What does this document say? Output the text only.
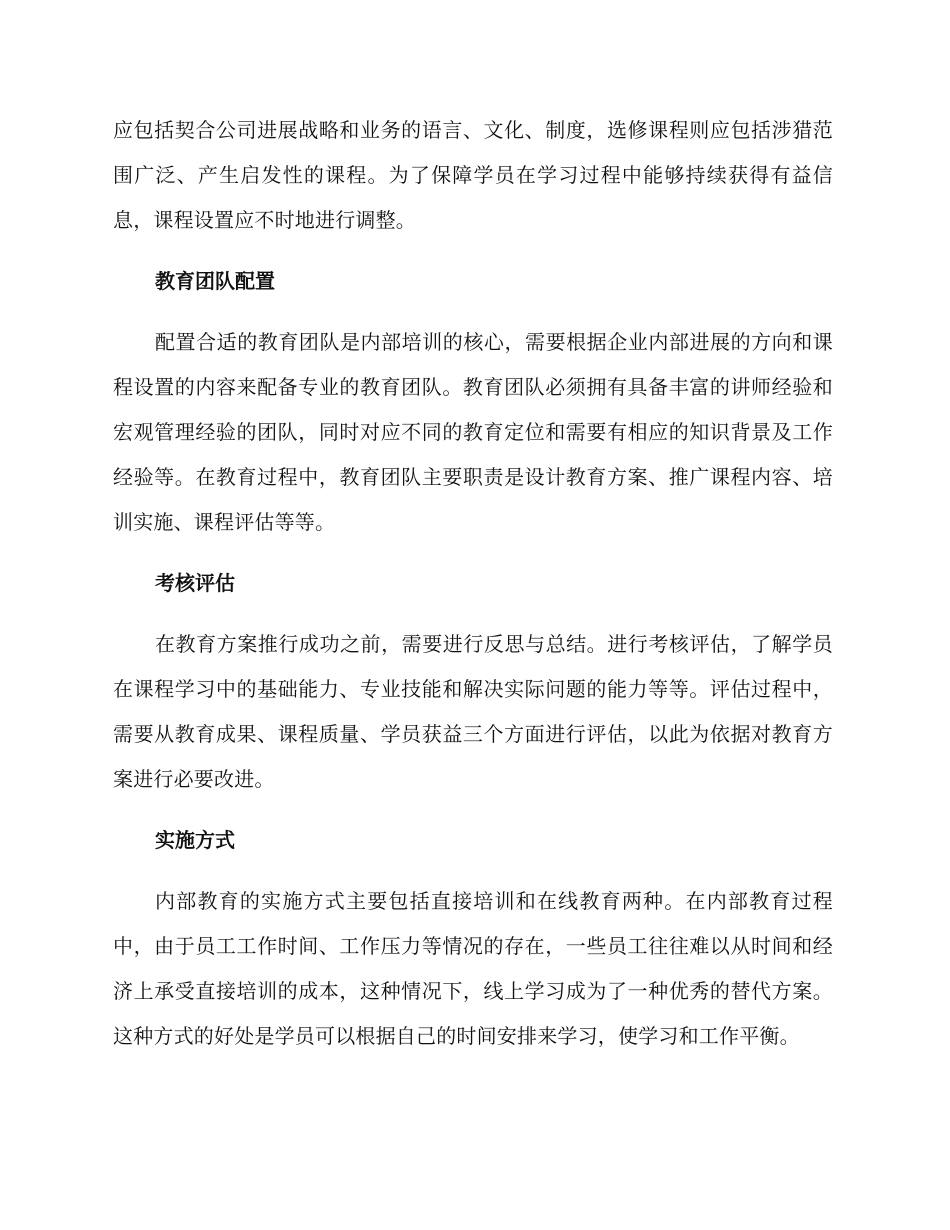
应包括契合公司进展战略和业务的语言、文化、制度，选修课程则应包括涉猎范围广泛、产生启发性的课程。为了保障学员在学习过程中能够持续获得有益信息，课程设置应不时地进行调整。

教育团队配置

配置合适的教育团队是内部培训的核心，需要根据企业内部进展的方向和课程设置的内容来配备专业的教育团队。教育团队必须拥有具备丰富的讲师经验和宏观管理经验的团队，同时对应不同的教育定位和需要有相应的知识背景及工作经验等。在教育过程中，教育团队主要职责是设计教育方案、推广课程内容、培训实施、课程评估等等。

考核评估

在教育方案推行成功之前，需要进行反思与总结。进行考核评估，了解学员在课程学习中的基础能力、专业技能和解决实际问题的能力等等。评估过程中，需要从教育成果、课程质量、学员获益三个方面进行评估，以此为依据对教育方案进行必要改进。

实施方式

内部教育的实施方式主要包括直接培训和在线教育两种。在内部教育过程中，由于员工工作时间、工作压力等情况的存在，一些员工往往难以从时间和经济上承受直接培训的成本，这种情况下，线上学习成为了一种优秀的替代方案。这种方式的好处是学员可以根据自己的时间安排来学习，使学习和工作平衡。
